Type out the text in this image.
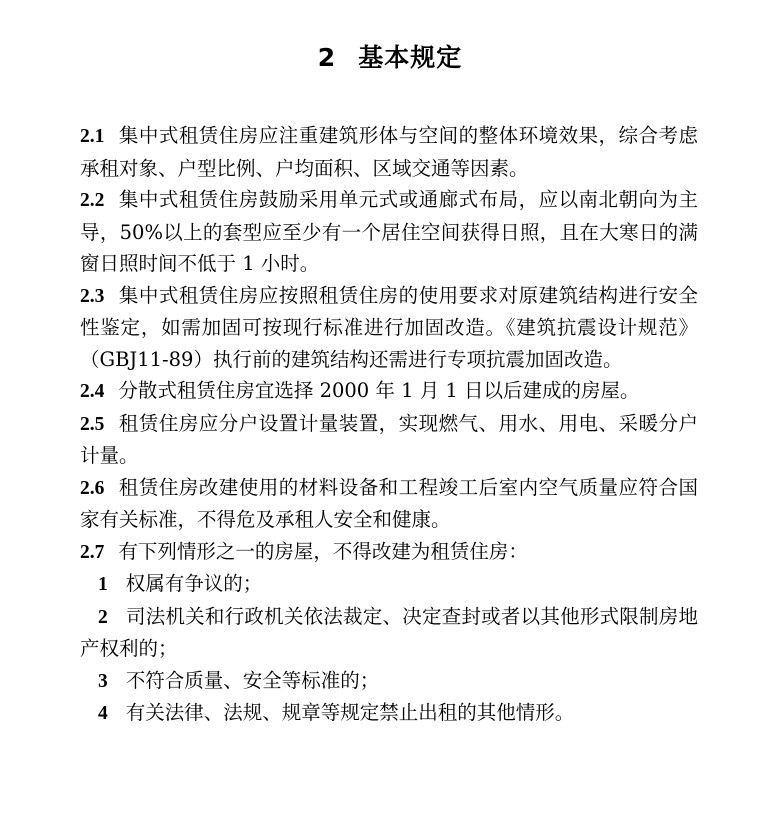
2 基本规定

2.1 集中式租赁住房应注重建筑形体与空间的整体环境效果，综合考虑承租对象、户型比例、户均面积、区域交通等因素。

2.2 集中式租赁住房鼓励采用单元式或通廊式布局，应以南北朝向为主导，50%以上的套型应至少有一个居住空间获得日照，且在大寒日的满窗日照时间不低于 1 小时。

2.3 集中式租赁住房应按照租赁住房的使用要求对原建筑结构进行安全性鉴定，如需加固可按现行标准进行加固改造。《建筑抗震设计规范》（GBJ11-89）执行前的建筑结构还需进行专项抗震加固改造。

2.4 分散式租赁住房宜选择 2000 年 1 月 1 日以后建成的房屋。

2.5 租赁住房应分户设置计量装置，实现燃气、用水、用电、采暖分户计量。

2.6 租赁住房改建使用的材料设备和工程竣工后室内空气质量应符合国家有关标准，不得危及承租人安全和健康。

2.7 有下列情形之一的房屋，不得改建为租赁住房：

1 权属有争议的；

2 司法机关和行政机关依法裁定、决定查封或者以其他形式限制房地产权利的；

3 不符合质量、安全等标准的；

4 有关法律、法规、规章等规定禁止出租的其他情形。
